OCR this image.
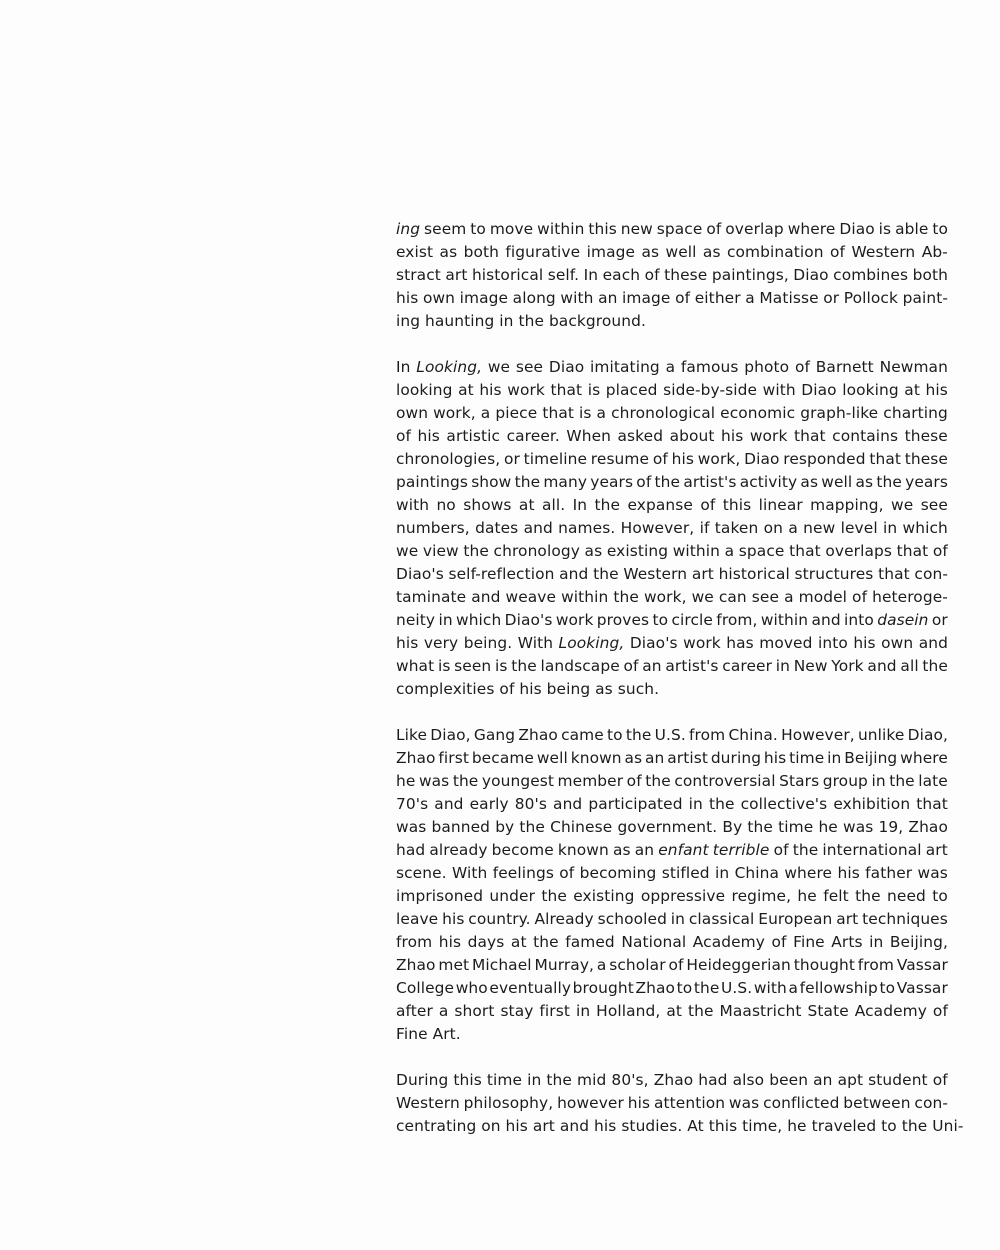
ing seem to move within this new space of overlap where Diao is able to
exist as both figurative image as well as combination of Western Ab-
stract art historical self. In each of these paintings, Diao combines both
his own image along with an image of either a Matisse or Pollock paint-
ing haunting in the background.
In Looking, we see Diao imitating a famous photo of Barnett Newman
looking at his work that is placed side-by-side with Diao looking at his
own work, a piece that is a chronological economic graph-like charting
of his artistic career. When asked about his work that contains these
chronologies, or timeline resume of his work, Diao responded that these
paintings show the many years of the artist's activity as well as the years
with no shows at all. In the expanse of this linear mapping, we see
numbers, dates and names. However, if taken on a new level in which
we view the chronology as existing within a space that overlaps that of
Diao's self-reflection and the Western art historical structures that con-
taminate and weave within the work, we can see a model of heteroge-
neity in which Diao's work proves to circle from, within and into dasein or
his very being. With Looking, Diao's work has moved into his own and
what is seen is the landscape of an artist's career in New York and all the
complexities of his being as such.
Like Diao, Gang Zhao came to the U.S. from China. However, unlike Diao,
Zhao first became well known as an artist during his time in Beijing where
he was the youngest member of the controversial Stars group in the late
70's and early 80's and participated in the collective's exhibition that
was banned by the Chinese government. By the time he was 19, Zhao
had already become known as an enfant terrible of the international art
scene. With feelings of becoming stifled in China where his father was
imprisoned under the existing oppressive regime, he felt the need to
leave his country. Already schooled in classical European art techniques
from his days at the famed National Academy of Fine Arts in Beijing,
Zhao met Michael Murray, a scholar of Heideggerian thought from Vassar
College who eventually brought Zhao to the U.S. with a fellowship to Vassar
after a short stay first in Holland, at the Maastricht State Academy of
Fine Art.
During this time in the mid 80's, Zhao had also been an apt student of
Western philosophy, however his attention was conflicted between con-
centrating on his art and his studies. At this time, he traveled to the Uni-
